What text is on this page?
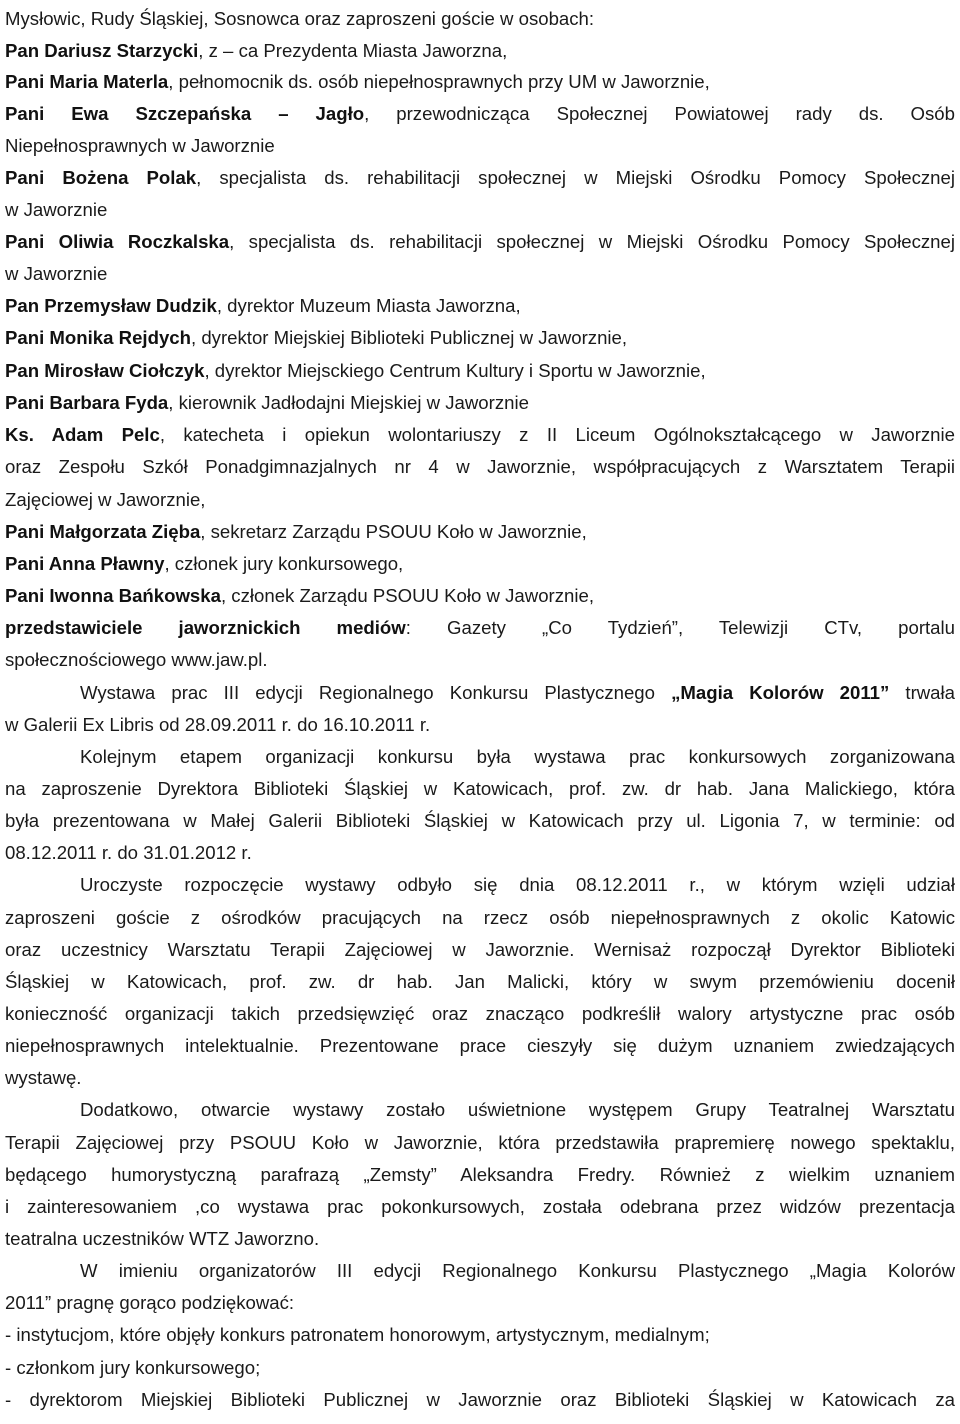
Mysłowic, Rudy Śląskiej, Sosnowca oraz zaproszeni goście w osobach:
Pan Dariusz Starzycki, z – ca Prezydenta Miasta Jaworzna,
Pani Maria Materla, pełnomocnik ds. osób niepełnosprawnych przy UM w Jaworznie,
Pani Ewa Szczepańska – Jagło, przewodnicząca Społecznej Powiatowej rady ds. Osób
Niepełnosprawnych w Jaworznie
Pani Bożena Polak, specjalista ds. rehabilitacji społecznej w Miejski Ośrodku Pomocy Społecznej
w Jaworznie
Pani Oliwia Roczkalska, specjalista ds. rehabilitacji społecznej w Miejski Ośrodku Pomocy Społecznej
w Jaworznie
Pan Przemysław Dudzik, dyrektor Muzeum Miasta Jaworzna,
Pani Monika Rejdych, dyrektor Miejskiej Biblioteki Publicznej w Jaworznie,
Pan Mirosław Ciołczyk, dyrektor Miejsckiego Centrum Kultury i Sportu w Jaworznie,
Pani Barbara Fyda, kierownik Jadłodajni Miejskiej w Jaworznie
Ks. Adam Pelc, katecheta i opiekun wolontariuszy z II Liceum Ogólnokształcącego w Jaworznie
oraz Zespołu Szkół Ponadgimnazjalnych nr 4 w Jaworznie, współpracujących z Warsztatem Terapii
Zajęciowej w Jaworznie,
Pani Małgorzata Zięba, sekretarz Zarządu PSOUU Koło w Jaworznie,
Pani Anna Pławny, członek jury konkursowego,
Pani Iwonna Bańkowska, członek Zarządu PSOUU Koło w Jaworznie,
przedstawiciele jaworznickich mediów: Gazety „Co Tydzień”, Telewizji CTv, portalu
społecznościowego www.jaw.pl.
Wystawa prac III edycji Regionalnego Konkursu Plastycznego „Magia Kolorów 2011” trwała
w Galerii Ex Libris od 28.09.2011 r. do 16.10.2011 r.
Kolejnym etapem organizacji konkursu była wystawa prac konkursowych zorganizowana
na zaproszenie Dyrektora Biblioteki Śląskiej w Katowicach, prof. zw. dr hab. Jana Malickiego, która
była prezentowana w Małej Galerii Biblioteki Śląskiej w Katowicach przy ul. Ligonia 7, w terminie: od
08.12.2011 r. do 31.01.2012 r.
Uroczyste rozpoczęcie wystawy odbyło się dnia 08.12.2011 r., w którym wzięli udział
zaproszeni goście z ośrodków pracujących na rzecz osób niepełnosprawnych z okolic Katowic
oraz uczestnicy Warsztatu Terapii Zajęciowej w Jaworznie. Wernisaż rozpoczął Dyrektor Biblioteki
Śląskiej w Katowicach, prof. zw. dr hab. Jan Malicki, który w swym przemówieniu docenił
konieczność organizacji takich przedsięwzięć oraz znacząco podkreślił walory artystyczne prac osób
niepełnosprawnych intelektualnie. Prezentowane prace cieszyły się dużym uznaniem zwiedzających
wystawę.
Dodatkowo, otwarcie wystawy zostało uświetnione występem Grupy Teatralnej Warsztatu
Terapii Zajęciowej przy PSOUU Koło w Jaworznie, która przedstawiła prapremierę nowego spektaklu,
będącego humorystyczną parafrazą „Zemsty” Aleksandra Fredry. Również z wielkim uznaniem
i zainteresowaniem ,co wystawa prac pokonkursowych, została odebrana przez widzów prezentacja
teatralna uczestników WTZ Jaworzno.
W imieniu organizatorów III edycji Regionalnego Konkursu Plastycznego „Magia Kolorów
2011” pragnę gorąco podziękować:
- instytucjom, które objęły konkurs patronatem honorowym, artystycznym, medialnym;
- członkom jury konkursowego;
- dyrektorom Miejskiej Biblioteki Publicznej w Jaworznie oraz Biblioteki Śląskiej w Katowicach za
